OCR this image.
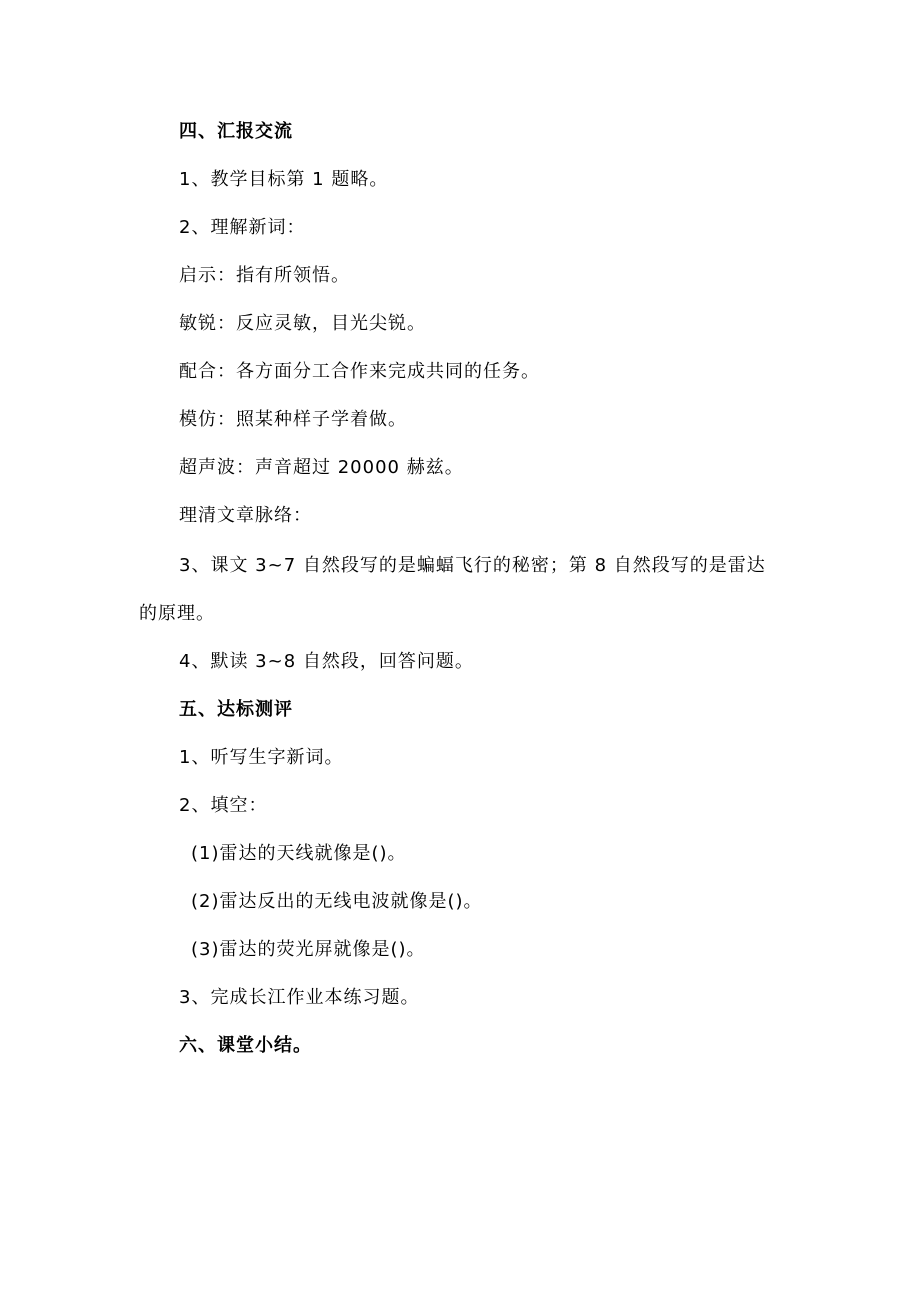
四、汇报交流
1、教学目标第 1 题略。
2、理解新词：
启示：指有所领悟。
敏锐：反应灵敏，目光尖锐。
配合：各方面分工合作来完成共同的任务。
模仿：照某种样子学着做。
超声波：声音超过 20000 赫兹。
理清文章脉络：
3、课文 3~7 自然段写的是蝙蝠飞行的秘密；第 8 自然段写的是雷达
的原理。
4、默读 3~8 自然段，回答问题。
五、达标测评
1、听写生字新词。
2、填空：
(1)雷达的天线就像是()。
(2)雷达反出的无线电波就像是()。
(3)雷达的荧光屏就像是()。
3、完成长江作业本练习题。
六、课堂小结。
